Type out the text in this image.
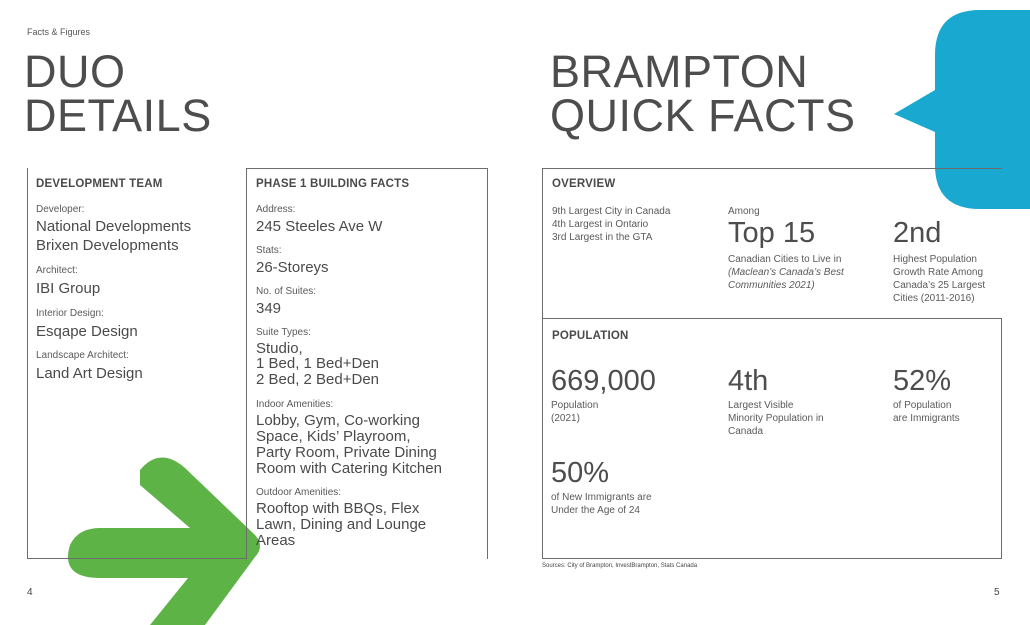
Facts & Figures
DUO
DETAILS
DEVELOPMENT TEAM
Developer:
National Developments
Brixen Developments
Architect:
IBI Group
Interior Design:
Esqape Design
Landscape Architect:
Land Art Design
PHASE 1 BUILDING FACTS
Address:
245 Steeles Ave W
Stats:
26-Storeys
No. of Suites:
349
Suite Types:
Studio,
1 Bed, 1 Bed+Den
2 Bed, 2 Bed+Den
Indoor Amenities:
Lobby, Gym, Co-working
Space, Kids’ Playroom,
Party Room, Private Dining
Room with Catering Kitchen
Outdoor Amenities:
Rooftop with BBQs, Flex
Lawn, Dining and Lounge
Areas
4
BRAMPTON
QUICK FACTS
OVERVIEW
9th Largest City in Canada
4th Largest in Ontario
3rd Largest in the GTA
Among
Top 15
Canadian Cities to Live in
(Maclean’s Canada’s Best
Communities 2021)
2nd
Highest Population
Growth Rate Among
Canada’s 25 Largest
Cities (2011-2016)
POPULATION
669,000
Population
(2021)
4th
Largest Visible
Minority Population in
Canada
52%
of Population
are Immigrants
50%
of New Immigrants are
Under the Age of 24
Sources: City of Brampton, InvestBrampton, Stats Canada
5
